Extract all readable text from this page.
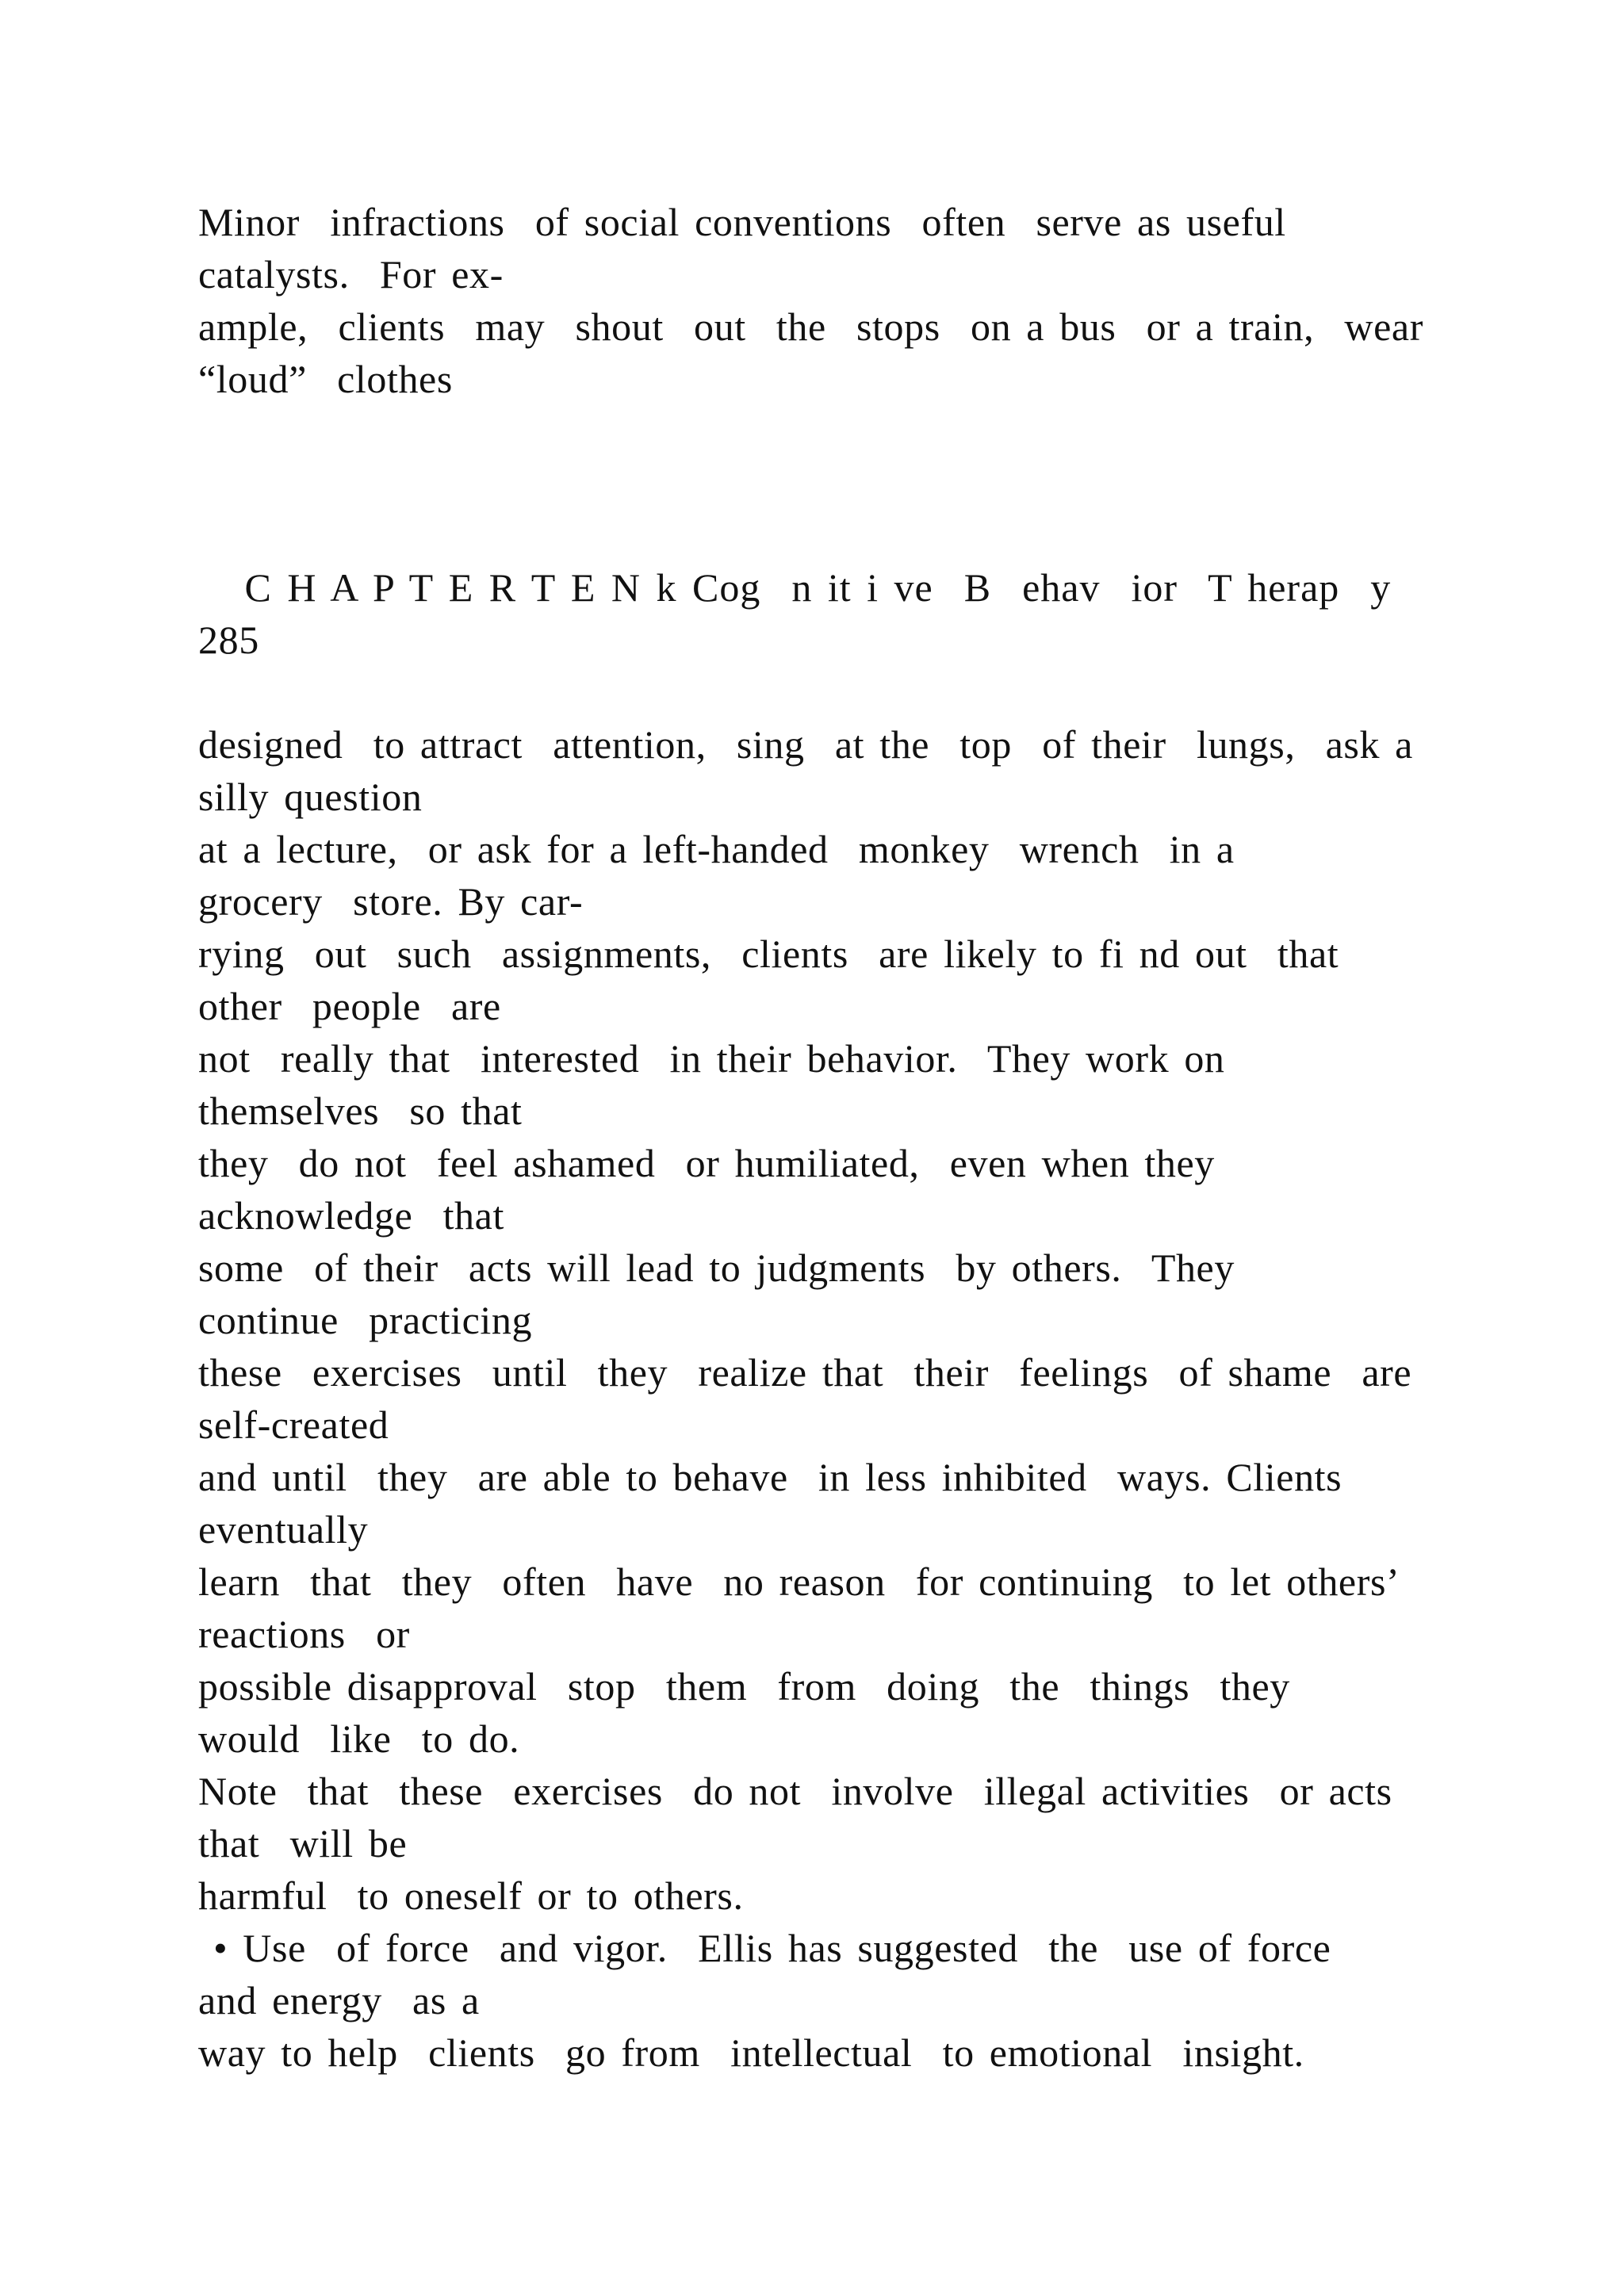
Minor  infractions  of social conventions  often  serve as useful
catalysts.  For ex-
ample,  clients  may  shout  out  the  stops  on a bus  or a train,  wear
“loud”  clothes
C H A P T E R T E N k Cog  n it i ve  B  ehav  ior  T herap  y
285
designed  to attract  attention,  sing  at the  top  of their  lungs,  ask a
silly question
at a lecture,  or ask for a left-handed  monkey  wrench  in a
grocery  store. By car-
rying  out  such  assignments,  clients  are likely to fi nd out  that
other  people  are
not  really that  interested  in their behavior.  They work on
themselves  so that
they  do not  feel ashamed  or humiliated,  even when they
acknowledge  that
some  of their  acts will lead to judgments  by others.  They
continue  practicing
these  exercises  until  they  realize that  their  feelings  of shame  are
self-created
and until  they  are able to behave  in less inhibited  ways. Clients
eventually
learn  that  they  often  have  no reason  for continuing  to let others’
reactions  or
possible disapproval  stop  them  from  doing  the  things  they
would  like  to do.
Note  that  these  exercises  do not  involve  illegal activities  or acts
that  will be
harmful  to oneself or to others.
• Use  of force  and vigor.  Ellis has suggested  the  use of force
and energy  as a
way to help  clients  go from  intellectual  to emotional  insight.
